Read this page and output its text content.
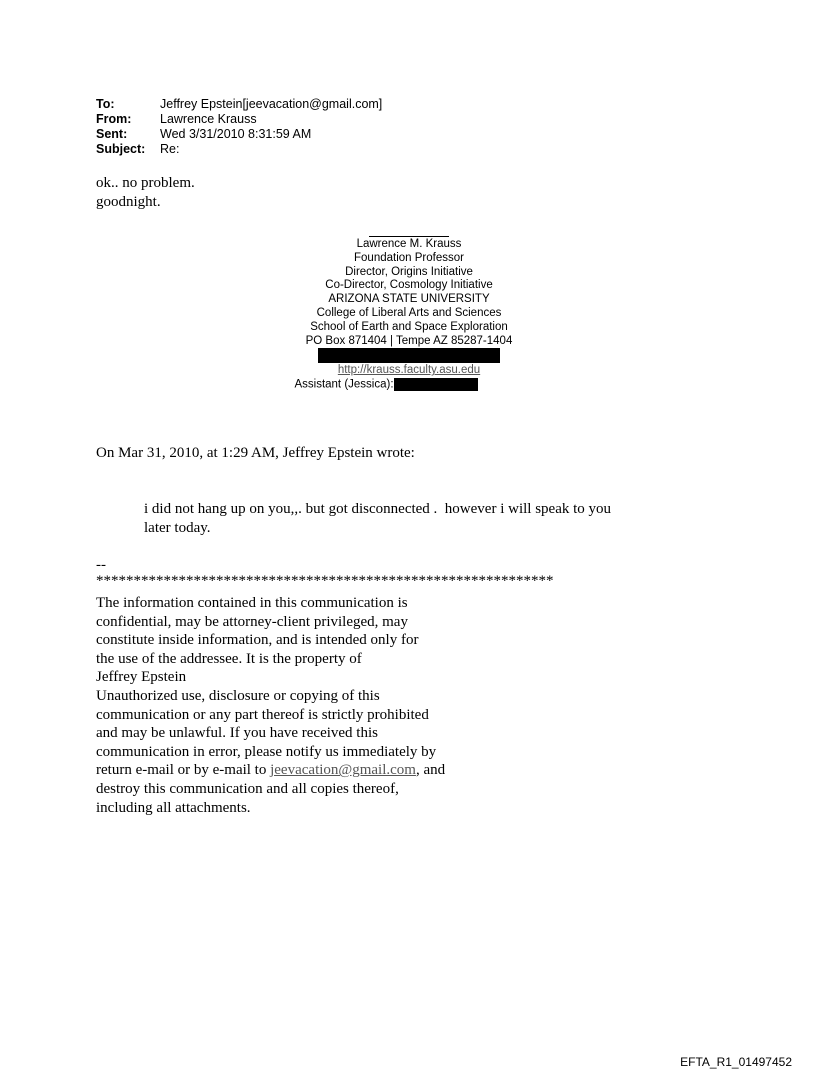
To:	Jeffrey Epstein[jeevacation@gmail.com]
From:	Lawrence Krauss
Sent:	Wed 3/31/2010 8:31:59 AM
Subject:	Re:
ok.. no problem.
goodnight.
Lawrence M. Krauss
Foundation Professor
Director, Origins Initiative
Co-Director, Cosmology Initiative
ARIZONA STATE UNIVERSITY
College of Liberal Arts and Sciences
School of Earth and Space Exploration
PO Box 871404 | Tempe AZ 85287-1404
http://krauss.faculty.asu.edu
Assistant (Jessica):
On Mar 31, 2010, at 1:29 AM, Jeffrey Epstein wrote:
i did not hang up on you,,. but got disconnected .  however i will speak to you
later today.
--
*************************************************************
The information contained in this communication is
confidential, may be attorney-client privileged, may
constitute inside information, and is intended only for
the use of the addressee. It is the property of
Jeffrey Epstein
Unauthorized use, disclosure or copying of this
communication or any part thereof is strictly prohibited
and may be unlawful. If you have received this
communication in error, please notify us immediately by
return e-mail or by e-mail to jeevacation@gmail.com, and
destroy this communication and all copies thereof,
including all attachments.
EFTA_R1_01497452
